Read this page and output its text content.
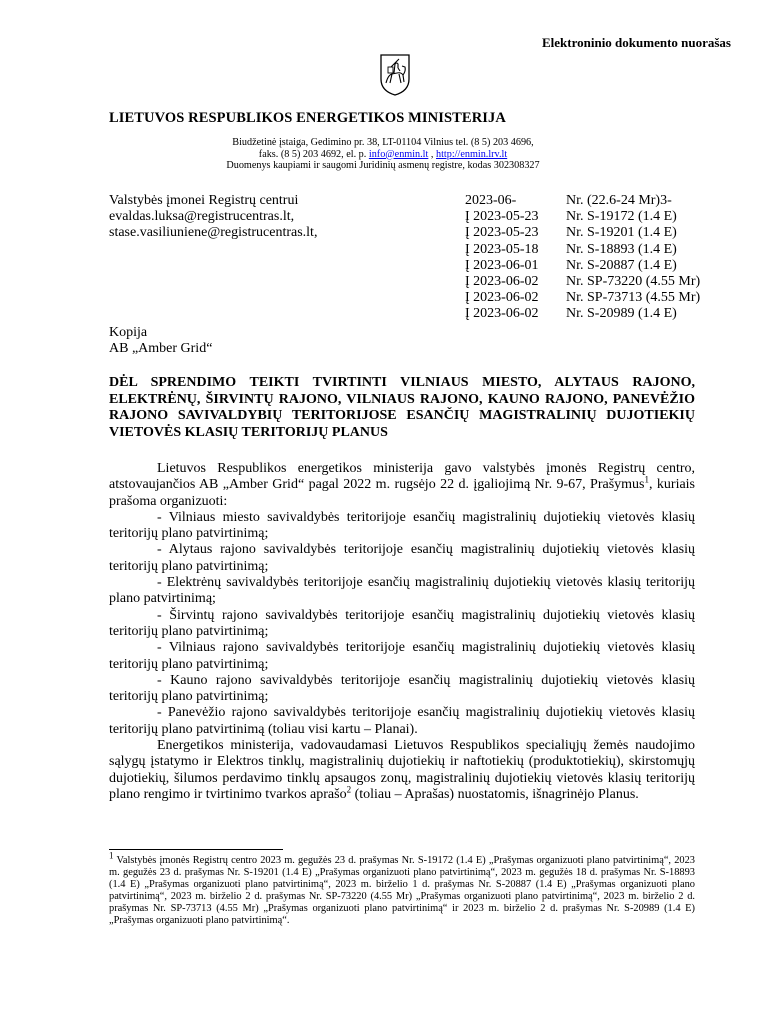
Elektroninio dokumento nuorašas
LIETUVOS RESPUBLIKOS ENERGETIKOS MINISTERIJA
Biudžetinė įstaiga, Gedimino pr. 38, LT-01104 Vilnius tel. (8 5) 203 4696,
faks. (8 5) 203 4692, el. p. info@enmin.lt , http://enmin.lrv.lt
Duomenys kaupiami ir saugomi Juridinių asmenų registre, kodas 302308327
Valstybės įmonei Registrų centrui
evaldas.luksa@registrucentras.lt,
stase.vasiliuniene@registrucentras.lt,
2023-06-	Nr. (22.6-24 Mr)3-
Į 2023-05-23	Nr. S-19172 (1.4 E)
Į 2023-05-23	Nr. S-19201 (1.4 E)
Į 2023-05-18	Nr. S-18893 (1.4 E)
Į 2023-06-01	Nr. S-20887 (1.4 E)
Į 2023-06-02	Nr. SP-73220 (4.55 Mr)
Į 2023-06-02	Nr. SP-73713 (4.55 Mr)
Į 2023-06-02	Nr. S-20989 (1.4 E)
Kopija
AB „Amber Grid“
DĖL SPRENDIMO TEIKTI TVIRTINTI VILNIAUS MIESTO, ALYTAUS RAJONO, ELEKTRĖNŲ, ŠIRVINTŲ RAJONO, VILNIAUS RAJONO, KAUNO RAJONO, PANEVĖŽIO RAJONO SAVIVALDYBIŲ TERITORIJOSE ESANČIŲ MAGISTRALINIŲ DUJOTIEKIŲ VIETOVĖS KLASIŲ TERITORIJŲ PLANUS

Lietuvos Respublikos energetikos ministerija gavo valstybės įmonės Registrų centro, atstovaujančios AB „Amber Grid“ pagal 2022 m. rugsėjo 22 d. įgaliojimą Nr. 9-67, Prašymus$^1$, kuriais prašoma organizuoti:

- Vilniaus miesto savivaldybės teritorijoje esančių magistralinių dujotiekių vietovės klasių teritorijų plano patvirtinimą;

- Alytaus rajono savivaldybės teritorijoje esančių magistralinių dujotiekių vietovės klasių teritorijų plano patvirtinimą;

- Elektrėnų savivaldybės teritorijoje esančių magistralinių dujotiekių vietovės klasių teritorijų plano patvirtinimą;

- Širvintų rajono savivaldybės teritorijoje esančių magistralinių dujotiekių vietovės klasių teritorijų plano patvirtinimą;

- Vilniaus rajono savivaldybės teritorijoje esančių magistralinių dujotiekių vietovės klasių teritorijų plano patvirtinimą;

- Kauno rajono savivaldybės teritorijoje esančių magistralinių dujotiekių vietovės klasių teritorijų plano patvirtinimą;

- Panevėžio rajono savivaldybės teritorijoje esančių magistralinių dujotiekių vietovės klasių teritorijų plano patvirtinimą (toliau visi kartu – Planai).

Energetikos ministerija, vadovaudamasi Lietuvos Respublikos specialiųjų žemės naudojimo sąlygų įstatymo ir Elektros tinklų, magistralinių dujotiekių ir naftotiekių (produktotiekių), skirstomųjų dujotiekių, šilumos perdavimo tinklų apsaugos zonų, magistralinių dujotiekių vietovės klasių teritorijų plano rengimo ir tvirtinimo tvarkos aprašo$^2$ (toliau – Aprašas) nuostatomis, išnagrinėjo Planus.

$^1$ Valstybės įmonės Registrų centro 2023 m. gegužės 23 d. prašymas Nr. S-19172 (1.4 E) „Prašymas organizuoti plano patvirtinimą“, 2023 m. gegužės 23 d. prašymas Nr. S-19201 (1.4 E) „Prašymas organizuoti plano patvirtinimą“, 2023 m. gegužės 18 d. prašymas Nr. S-18893 (1.4 E) „Prašymas organizuoti plano patvirtinimą“, 2023 m. birželio 1 d. prašymas Nr. S-20887 (1.4 E) „Prašymas organizuoti plano patvirtinimą“, 2023 m. birželio 2 d. prašymas Nr. SP-73220 (4.55 Mr) „Prašymas organizuoti plano patvirtinimą“, 2023 m. birželio 2 d. prašymas Nr. SP-73713 (4.55 Mr) „Prašymas organizuoti plano patvirtinimą“ ir 2023 m. birželio 2 d. prašymas Nr. S-20989 (1.4 E) „Prašymas organizuoti plano patvirtinimą“.
